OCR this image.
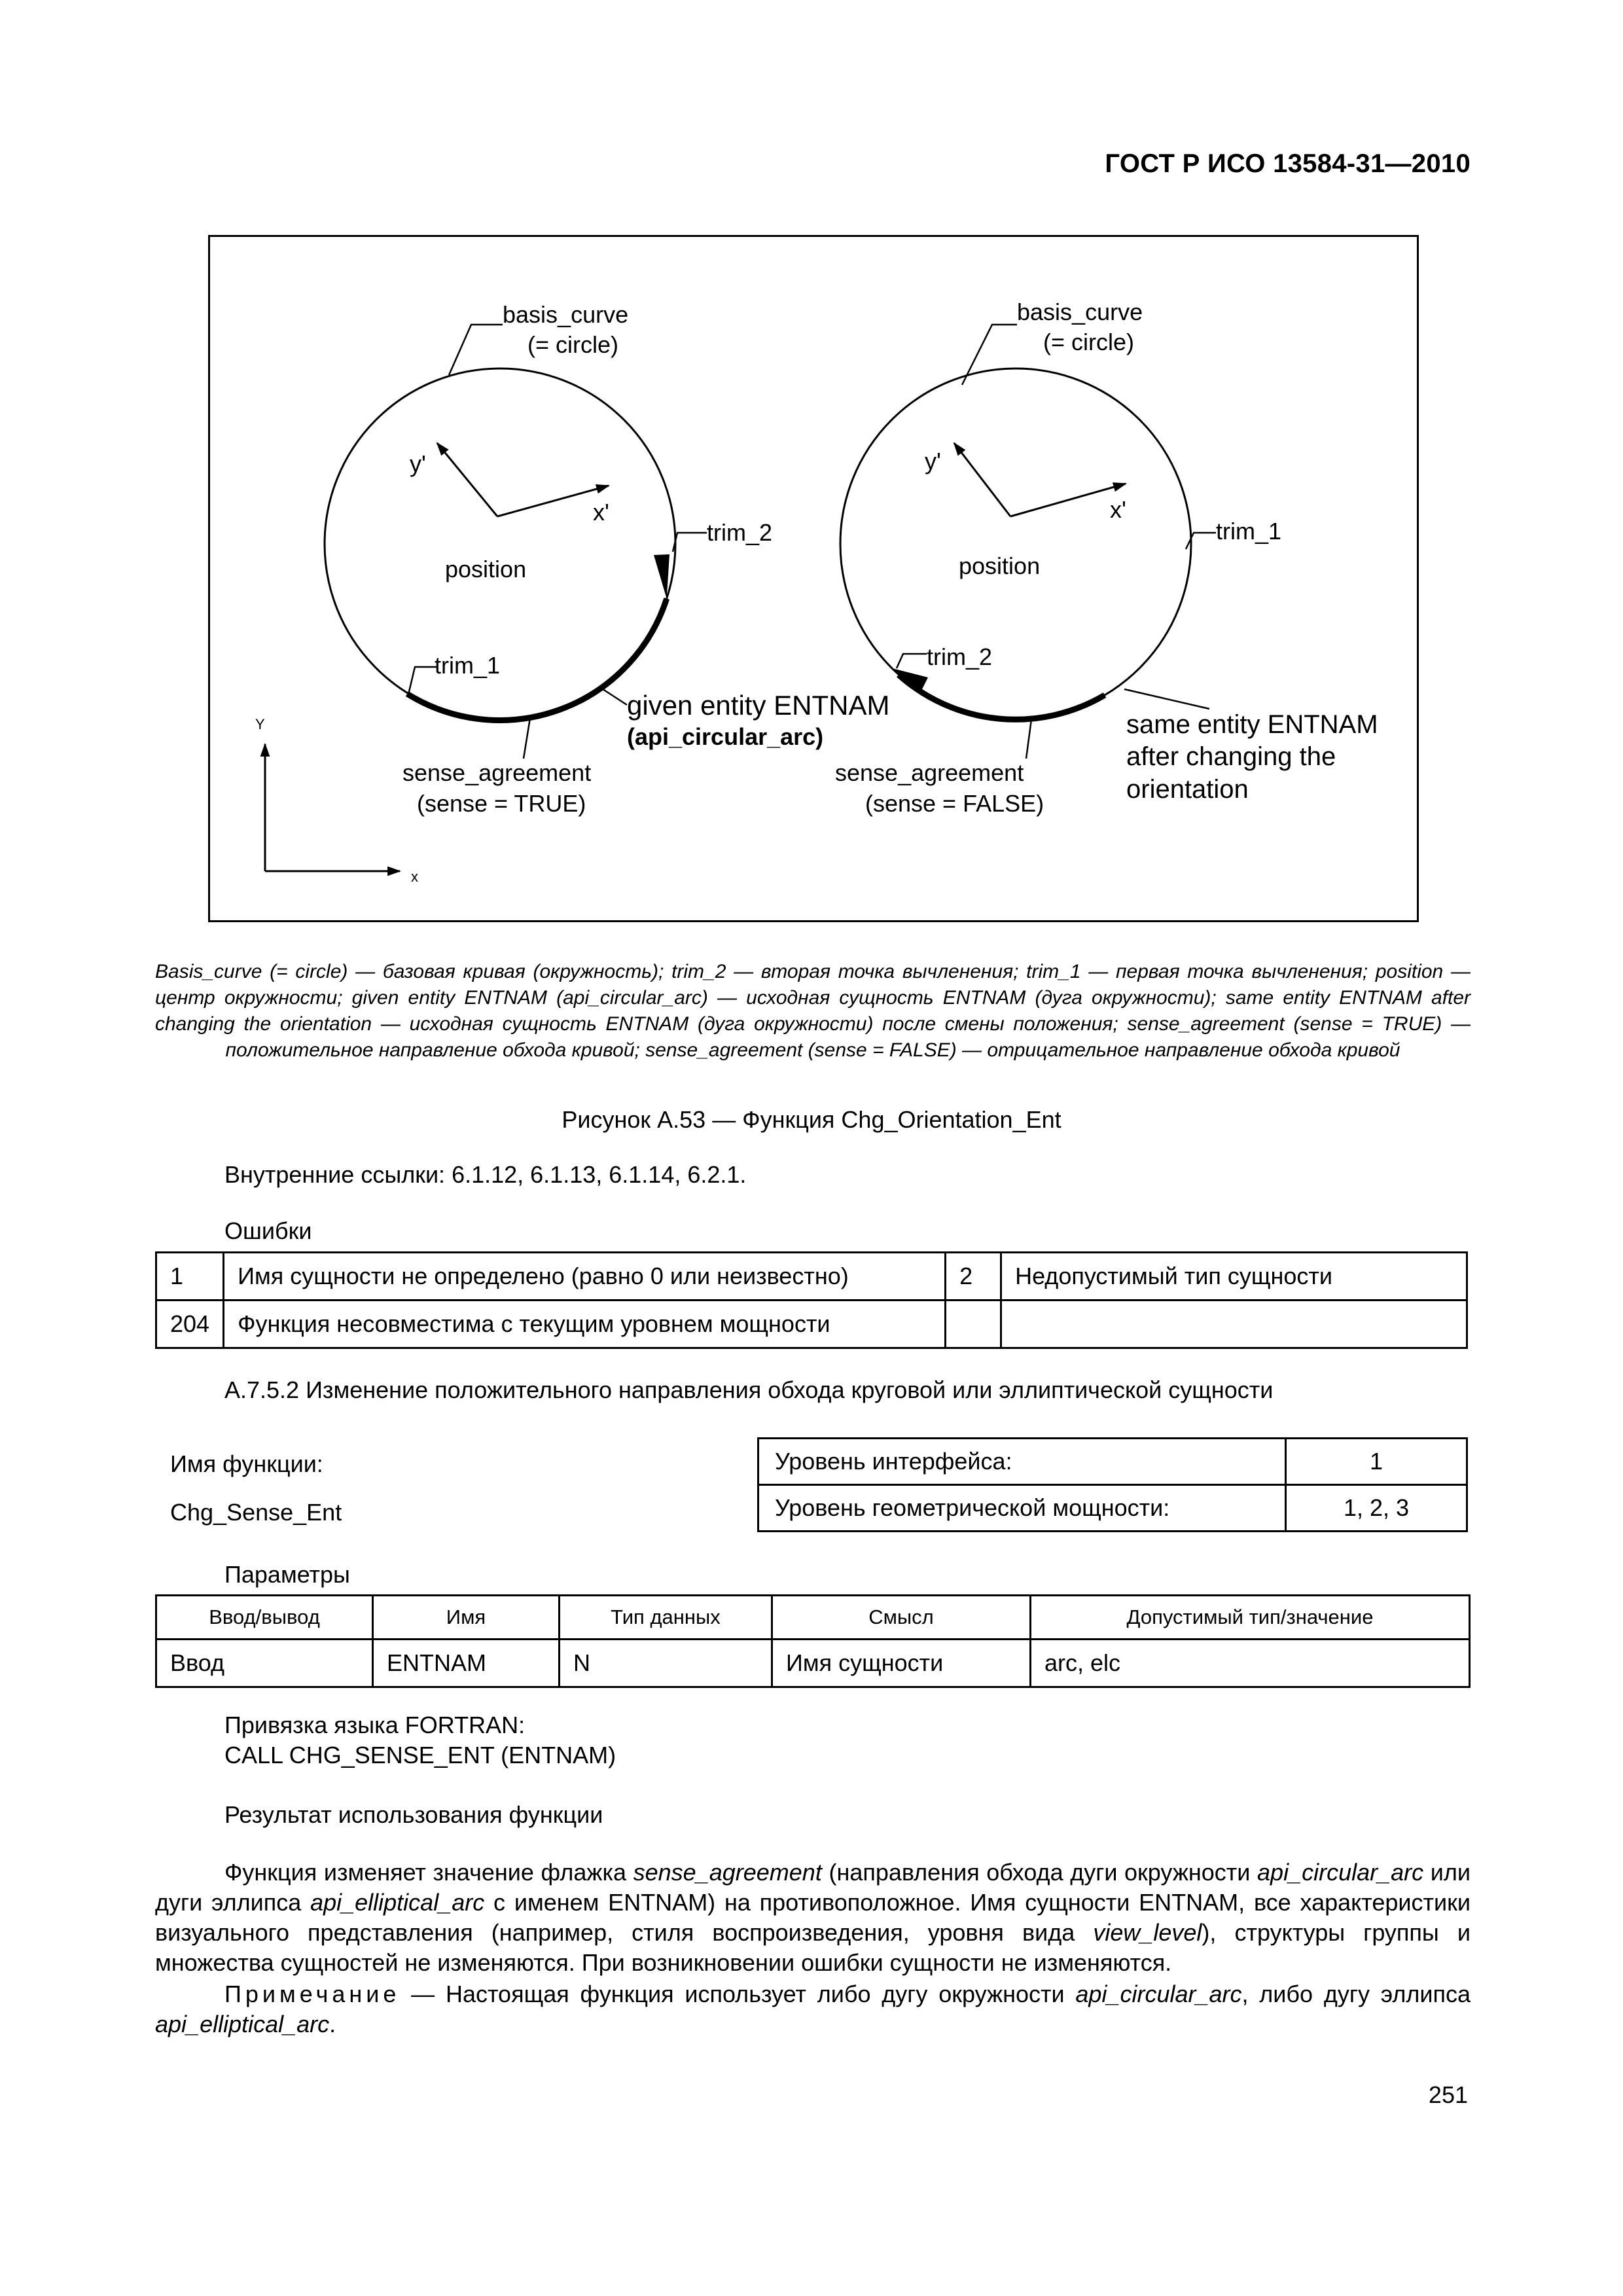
ГОСТ Р ИСО 13584-31—2010
basis_curve
(= circle)
y'
x'
position
trim_2
trim_1
given entity ENTNAM
(api_circular_arc)
sense_agreement
(sense = TRUE)
basis_curve
(= circle)
y'
x'
position
trim_1
trim_2
same entity ENTNAM
after changing the
orientation
sense_agreement
(sense = FALSE)
Y
x
Basis_curve (= circle) — базовая кривая (окружность); trim_2 — вторая точка вычленения; trim_1 — первая точка вычленения; position — центр окружности; given entity ENTNAM (api_circular_arc) — исходная сущность ENTNAM (дуга окружности); same entity ENTNAM after changing the orientation — исходная сущность ENTNAM (дуга окружности) после смены положения; sense_agreement (sense = TRUE) — положительное направление обхода кривой; sense_agreement (sense = FALSE) — отрицательное направление обхода кривой
Рисунок А.53 — Функция Chg_Orientation_Ent
Внутренние ссылки: 6.1.12, 6.1.13, 6.1.14, 6.2.1.
Ошибки
1	Имя сущности не определено (равно 0 или неизвестно)	2	Недопустимый тип сущности
204	Функция несовместима с текущим уровнем мощности		
А.7.5.2 Изменение положительного направления обхода круговой или эллиптической сущности
Имя функции:
Chg_Sense_Ent
Уровень интерфейса:	1
Уровень геометрической мощности:	1, 2, 3
Параметры
Ввод/вывод	Имя	Тип данных	Смысл	Допустимый тип/значение
Ввод	ENTNAM	N	Имя сущности	arc, elc
Привязка языка FORTRAN:
CALL CHG_SENSE_ENT (ENTNAM)
Результат использования функции
Функция изменяет значение флажка sense_agreement (направления обхода дуги окружности api_circular_arc или дуги эллипса api_elliptical_arc с именем ENTNAM) на противоположное. Имя сущности ENTNAM, все характеристики визуального представления (например, стиля воспроизведения, уровня вида view_level), структуры группы и множества сущностей не изменяются. При возникновении ошибки сущности не изменяются.
Примечание — Настоящая функция использует либо дугу окружности api_circular_arc, либо дугу эллипса api_elliptical_arc.
251
